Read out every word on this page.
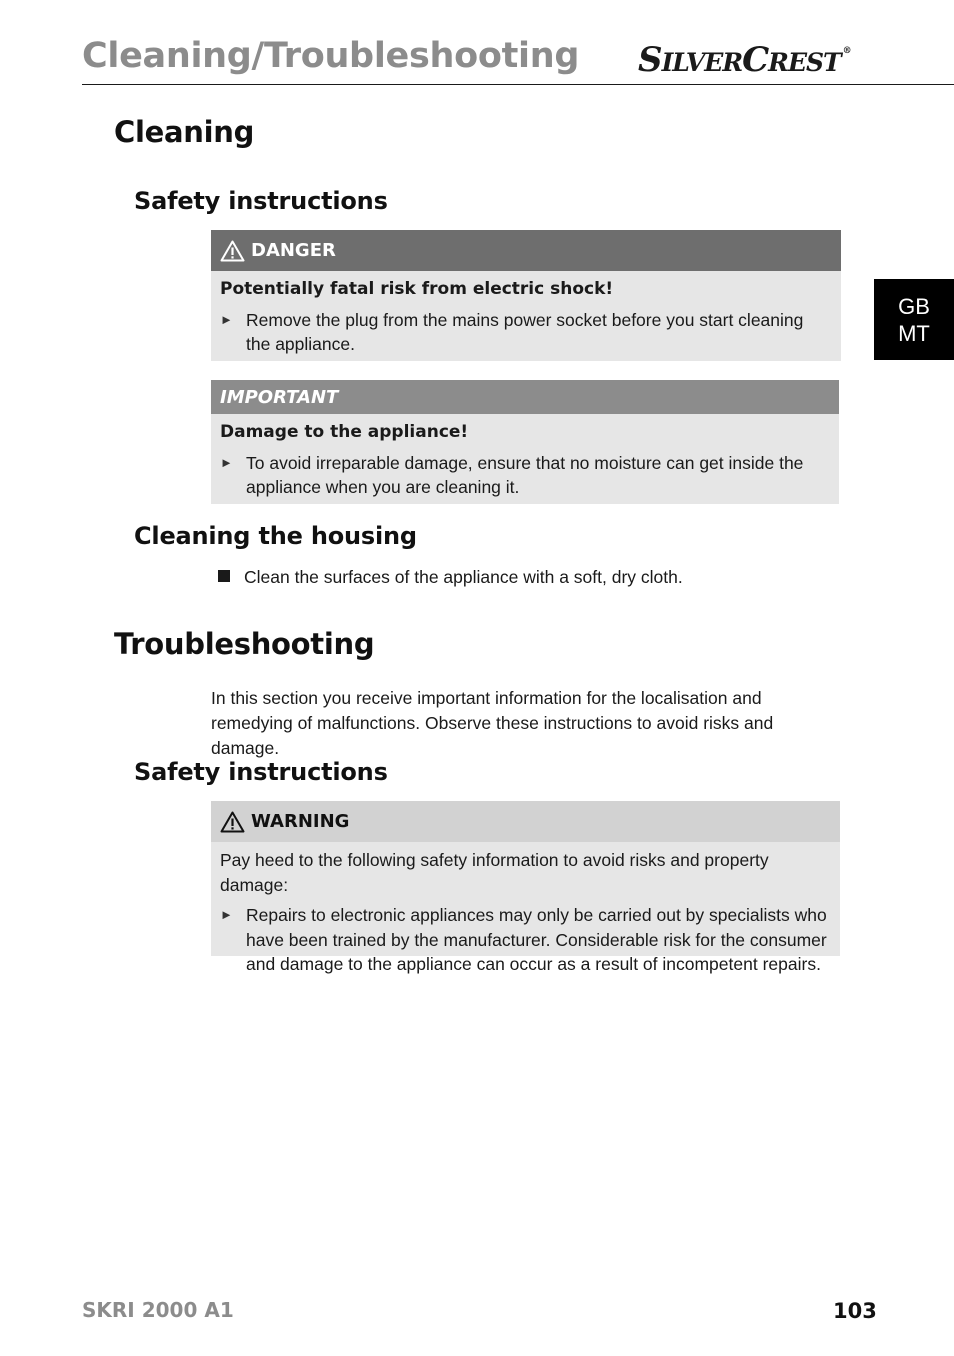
Cleaning/Troubleshooting SILVERCREST ®
GB
MT
Cleaning
Safety instructions
DANGER
Potentially fatal risk from electric shock!
► Remove the plug from the mains power socket before you start cleaning the appliance.
IMPORTANT
Damage to the appliance!
► To avoid irreparable damage, ensure that no moisture can get inside the appliance when you are cleaning it.
Cleaning the housing
Clean the surfaces of the appliance with a soft, dry cloth.
Troubleshooting
In this section you receive important information for the localisation and remedying of malfunctions. Observe these instructions to avoid risks and damage.
Safety instructions
WARNING
Pay heed to the following safety information to avoid risks and property damage:
► Repairs to electronic appliances may only be carried out by specialists who have been trained by the manufacturer. Considerable risk for the consumer and damage to the appliance can occur as a result of incompetent repairs.
SKRI 2000 A1	103
